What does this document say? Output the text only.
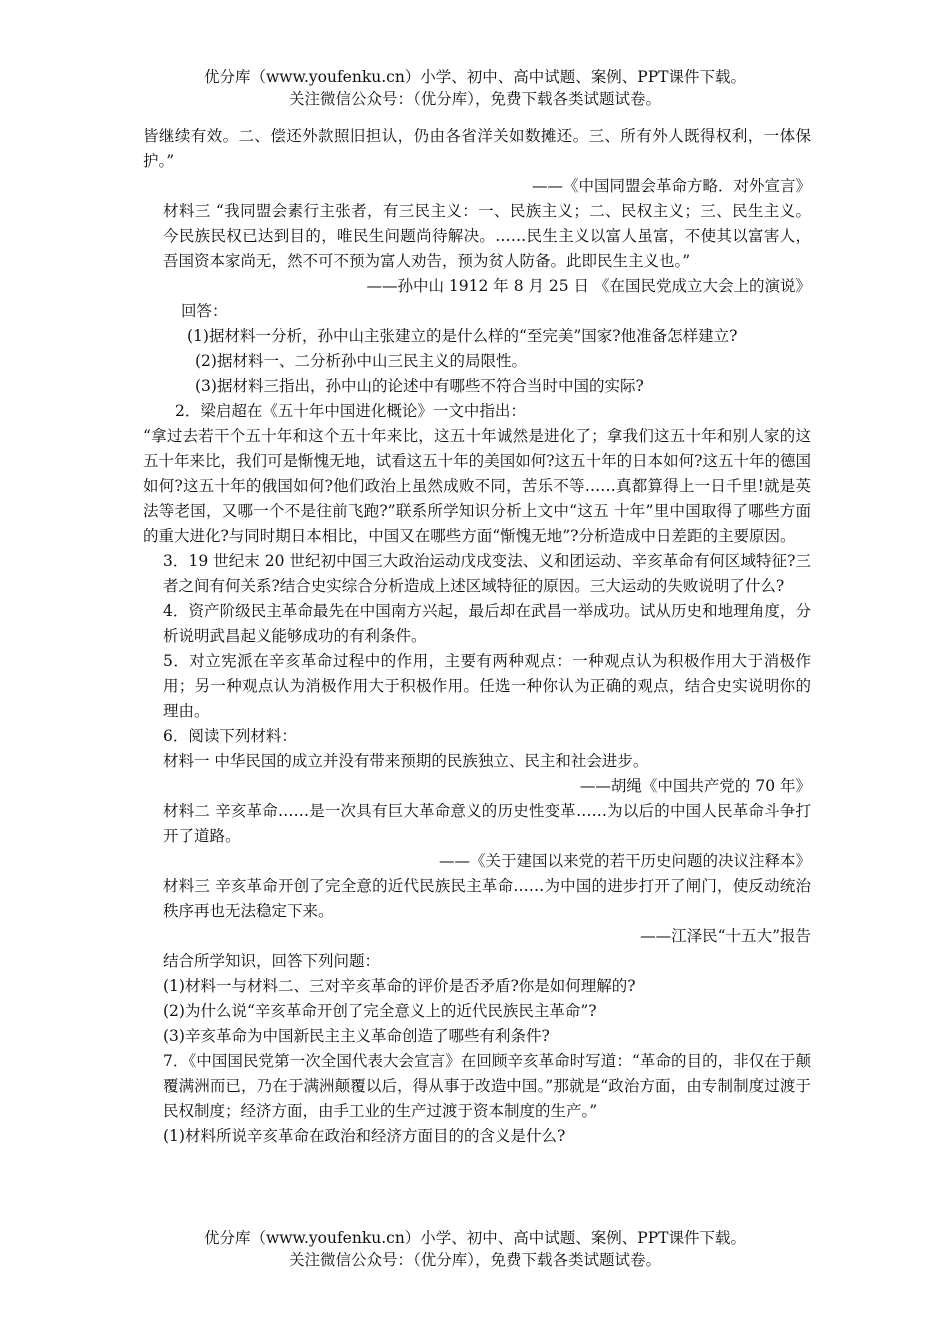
优分库（www.youfenku.cn）小学、初中、高中试题、案例、PPT课件下载。
关注微信公众号：（优分库），免费下载各类试题试卷。

皆继续有效。二、偿还外款照旧担认，仍由各省洋关如数摊还。三、所有外人既得权利，一体保护。”

——《中国同盟会革命方略．对外宣言》

材料三 “我同盟会素行主张者，有三民主义：一、民族主义；二、民权主义；三、民生主义。今民族民权已达到目的，唯民生问题尚待解决。……民生主义以富人虽富，不使其以富害人，吾国资本家尚无，然不可不预为富人劝告，预为贫人防备。此即民生主义也。”

——孙中山 1912 年 8 月 25 日 《在国民党成立大会上的演说》

回答：

(1)据材料一分析，孙中山主张建立的是什么样的“至完美”国家?他准备怎样建立?

(2)据材料一、二分析孙中山三民主义的局限性。

(3)据材料三指出，孙中山的论述中有哪些不符合当时中国的实际?

2．梁启超在《五十年中国进化概论》一文中指出：

“拿过去若干个五十年和这个五十年来比，这五十年诚然是进化了；拿我们这五十年和别人家的这五十年来比，我们可是惭愧无地，试看这五十年的美国如何?这五十年的日本如何?这五十年的德国如何?这五十年的俄国如何?他们政治上虽然成败不同，苦乐不等……真都算得上一日千里!就是英法等老国，又哪一个不是往前飞跑?”联系所学知识分析上文中“这五 十年”里中国取得了哪些方面的重大进化?与同时期日本相比，中国又在哪些方面“惭愧无地”?分析造成中日差距的主要原因。

3．19 世纪末 20 世纪初中国三大政治运动戊戌变法、义和团运动、辛亥革命有何区域特征?三者之间有何关系?结合史实综合分析造成上述区域特征的原因。三大运动的失败说明了什么?

4．资产阶级民主革命最先在中国南方兴起，最后却在武昌一举成功。试从历史和地理角度，分析说明武昌起义能够成功的有利条件。

5．对立宪派在辛亥革命过程中的作用，主要有两种观点：一种观点认为积极作用大于消极作用；另一种观点认为消极作用大于积极作用。任选一种你认为正确的观点，结合史实说明你的理由。

6．阅读下列材料：

材料一 中华民国的成立并没有带来预期的民族独立、民主和社会进步。

——胡绳《中国共产党的 70 年》

材料二 辛亥革命……是一次具有巨大革命意义的历史性变革……为以后的中国人民革命斗争打开了道路。

——《关于建国以来党的若干历史问题的决议注释本》

材料三 辛亥革命开创了完全意的近代民族民主革命……为中国的进步打开了闸门，使反动统治秩序再也无法稳定下来。

——江泽民“十五大”报告

结合所学知识，回答下列问题：

(1)材料一与材料二、三对辛亥革命的评价是否矛盾?你是如何理解的?

(2)为什么说“辛亥革命开创了完全意义上的近代民族民主革命”?

(3)辛亥革命为中国新民主主义革命创造了哪些有利条件?

7．《中国国民党第一次全国代表大会宣言》在回顾辛亥革命时写道：“革命的目的，非仅在于颠覆满洲而已，乃在于满洲颠覆以后，得从事于改造中国。”那就是“政治方面，由专制制度过渡于民权制度；经济方面，由手工业的生产过渡于资本制度的生产。”

(1)材料所说辛亥革命在政治和经济方面目的的含义是什么?

优分库（www.youfenku.cn）小学、初中、高中试题、案例、PPT课件下载。
关注微信公众号：（优分库），免费下载各类试题试卷。
